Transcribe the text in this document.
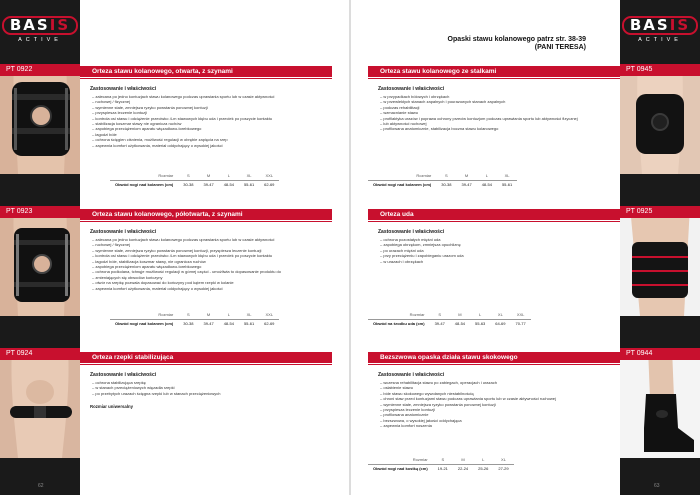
BASIS
ACTIVE
PT 0922
PT 0923
PT 0924
62
BASIS
ACTIVE
PT 0945
PT 0925
PT 0944
63
Opaski stawu kolanowego patrz str. 38-39
(PANI TERESA)
Orteza stawu kolanowego, otwarta, z szynami
Zastosowanie i właściwości
– zalecana po jedno kontuzjach stawu kolanowego podczas uprawiania sportu lub w czasie aktywności
– ruchowej / fizycznej
– wymienne stałe, zmniejsza ryzyko powstania ponownej kontuzji
– przyspiesza leczenie kontuzji
– kontrola osi stawu i odciążenie przeciwko 4-m stawowych kłębu uda i przeciek po poszycie kontaktu
– stabilizacja koszmar stawy nie ogranicza ruchów
– zapobiega przeciążeniom aparatu więzadłowo-torebkowego
– łagodzi bóle
– ochrona ścięgien ciśnienia, możliwość regulacji w obrębie zapięcia na rzep
– zapewnia komfort użytkowania, materiał oddychający o wysokiej jakości
Rozmiar	S	M	L	XL	XXL
Obwód nogi nad kolanem (cm)	30-38	39-47	48-54	55-61	62-69
Orteza stawu kolanowego, półotwarta, z szynami
Zastosowanie i właściwości
– zalecana po jedno kontuzjach stawu kolanowego podczas uprawiania sportu lub w czasie aktywności
– ruchowej / fizycznej
– wymienne stałe, zmniejsza ryzyko powstania ponownej kontuzji, przyspiesza leczenie kontuzji
– kontrola osi stawu i odciążenie przeciwko 4-m stawowych kłębu uda i przeciek po poszycie kontaktu
– łagodzi bóle, stabilizacja koszmar stawy, nie ogranicza ruchów
– zapobiega przeciążeniom aparatu więzadłowo-torebkowego
– ochrona podkolana, tchnęje możliwość regulacji w górnej części - umożliwia to dopasowanie produktu do
– zmieniających się obwodów kończyny
– otwór na rzepkę pozwala dopasować do kończyny pod kątem rzepki w kolanie
– zapewnia komfort użytkowania, materiał oddychający o wysokiej jakości
Rozmiar	S	M	L	XL	XXL
Obwód nogi nad kolanem (cm)	30-38	39-47	48-54	55-61	62-69
Orteza rzepki stabilizująca
Zastosowanie i właściwości
– ochrona stabilizująca rzepkę
– w stanach przeciążeniowych więzadła rzepki
– po przebytych urazach ścięgna rzepki lub w stanach przeciążeniowych
Rozmiar uniwersalny
Orteza stawu kolanowego ze stalkami
Zastosowanie i właściwości
– w przypadkach bólowych i obrzękach
– w przewlekłych stanach zapalnych i pourazowych stanach zapalnych
– podczas rehabilitacji
– wzmacnianie stawu
– profilaktyka urazów i poprawa ochrony przeciw kontuzjom podczas uprawiania sportu lub aktywności fizycznej
– lub aktywności ruchowej
– profilowana anatomicznie, stabilizacja boczna stawu kolanowego
Rozmiar	S	M	L	XL
Obwód nogi nad kolanem (cm)	30-38	39-47	48-54	55-61
Orteza uda
Zastosowanie i właściwości
– ochrona pozostałych mięśni uda
– zapobiega obrzękom, zmniejsza opuchliznę
– po urazach mięśni uda
– przy przeciążeniu i zapobieganiu urazom uda
– w urazach i obrzękach
Rozmiar	S	M	L	XL	XXL
Obwód na środku uda (cm)	39-47	48-54	55-63	64-69	70-77
Bezszwowa opaska działa stawu skokowego
Zastosowanie i właściwości
– wczesna rehabilitacja stawu po zabiegach, operacjach i urazach
– osłabienie stawu
– bóle stawu skokowego wywołanych niestabilnością
– chroni staw przed kontuzjami stawu podczas uprawiania sportu lub w czasie aktywności ruchowej
– wymienne stałe, zmniejsza ryzyko powstania ponownej kontuzji
– przyspiesza leczenie kontuzji
– profilowana anatomicznie
– bezszwowa, o wysokiej jakości oddychająca
– zapewnia komfort noszenia
Rozmiar	S	M	L	XL
Obwód nogi nad kostką (cm)	19-21	22-24	25-26	27-29
